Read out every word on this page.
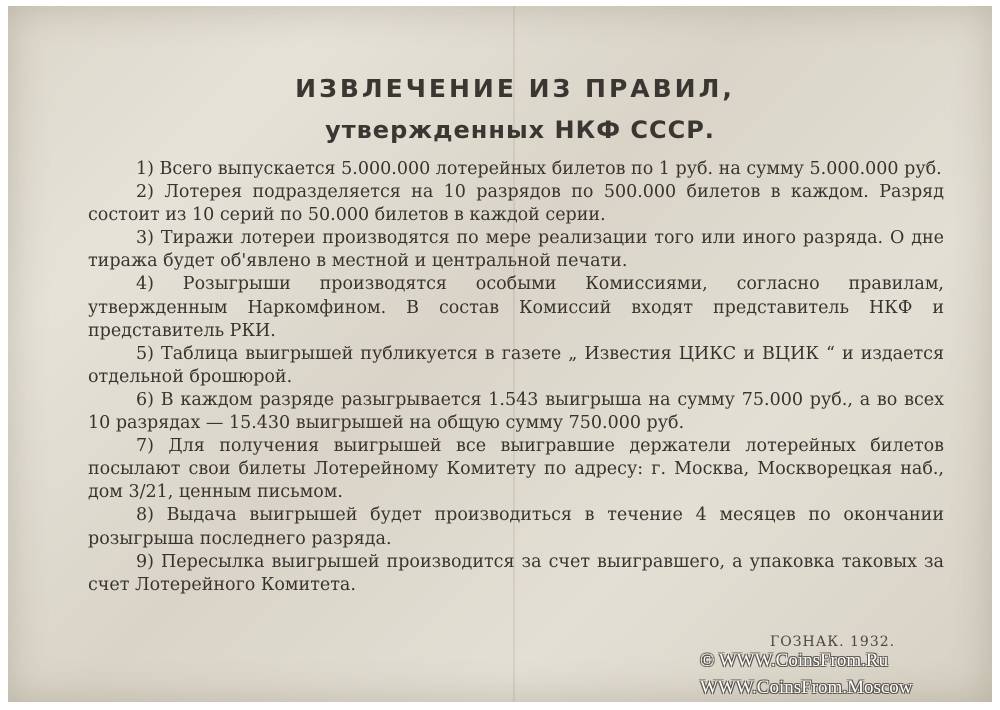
ИЗВЛЕЧЕНИЕ ИЗ ПРАВИЛ,
утвержденных НКФ СССР.

1) Всего выпускается 5.000.000 лотерейных билетов по 1 руб. на сумму 5.000.000 руб.

2) Лотерея подразделяется на 10 разрядов по 500.000 билетов в каждом. Разряд состоит из 10 серий по 50.000 билетов в каждой серии.

3) Тиражи лотереи производятся по мере реализации того или иного разряда. О дне тиража будет об'явлено в местной и центральной печати.

4) Розыгрыши производятся особыми Комиссиями, согласно правилам, утвержденным Наркомфином. В состав Комиссий входят представитель НКФ и представитель РКИ.

5) Таблица выигрышей публикуется в газете „ Известия ЦИКС и ВЦИК “ и издается отдельной брошюрой.

6) В каждом разряде разыгрывается 1.543 выигрыша на сумму 75.000 руб., а во всех 10 разрядах — 15.430 выигрышей на общую сумму 750.000 руб.

7) Для получения выигрышей все выигравшие держатели лотерейных билетов посылают свои билеты Лотерейному Комитету по адресу: г. Москва, Москворецкая наб., дом 3/21, ценным письмом.

8) Выдача выигрышей будет производиться в течение 4 месяцев по окончании розыгрыша последнего разряда.

9) Пересылка выигрышей производится за счет выигравшего, а упаковка таковых за счет Лотерейного Комитета.

ГОЗНАК. 1932.
© WWW.CoinsFrom.Ru
WWW.CoinsFrom.Moscow
